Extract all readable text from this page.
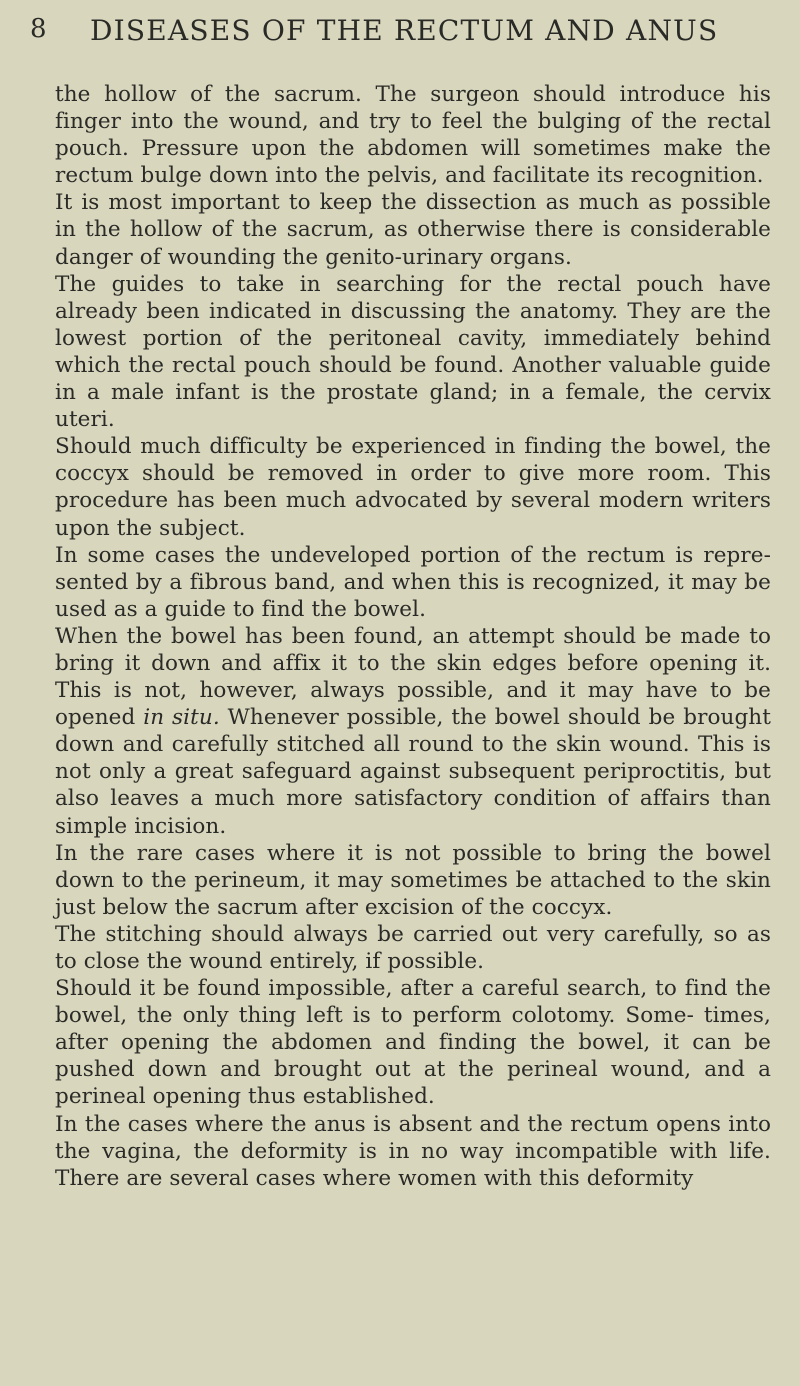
8 DISEASES OF THE RECTUM AND ANUS

the hollow of the sacrum. The surgeon should introduce his finger into the wound, and try to feel the bulging of the rectal pouch. Pressure upon the abdomen will sometimes make the rectum bulge down into the pelvis, and facilitate its recognition.

It is most important to keep the dissection as much as possible in the hollow of the sacrum, as otherwise there is considerable danger of wounding the genito-urinary organs.

The guides to take in searching for the rectal pouch have already been indicated in discussing the anatomy. They are the lowest portion of the peritoneal cavity, immediately behind which the rectal pouch should be found. Another valuable guide in a male infant is the prostate gland; in a female, the cervix uteri.

Should much difficulty be experienced in finding the bowel, the coccyx should be removed in order to give more room. This procedure has been much advocated by several modern writers upon the subject.

In some cases the undeveloped portion of the rectum is repre- sented by a fibrous band, and when this is recognized, it may be used as a guide to find the bowel.

When the bowel has been found, an attempt should be made to bring it down and affix it to the skin edges before opening it. This is not, however, always possible, and it may have to be opened in situ. Whenever possible, the bowel should be brought down and carefully stitched all round to the skin wound. This is not only a great safeguard against subsequent periproctitis, but also leaves a much more satisfactory condition of affairs than simple incision.

In the rare cases where it is not possible to bring the bowel down to the perineum, it may sometimes be attached to the skin just below the sacrum after excision of the coccyx.

The stitching should always be carried out very carefully, so as to close the wound entirely, if possible.

Should it be found impossible, after a careful search, to find the bowel, the only thing left is to perform colotomy. Some- times, after opening the abdomen and finding the bowel, it can be pushed down and brought out at the perineal wound, and a perineal opening thus established.

In the cases where the anus is absent and the rectum opens into the vagina, the deformity is in no way incompatible with life. There are several cases where women with this deformity
